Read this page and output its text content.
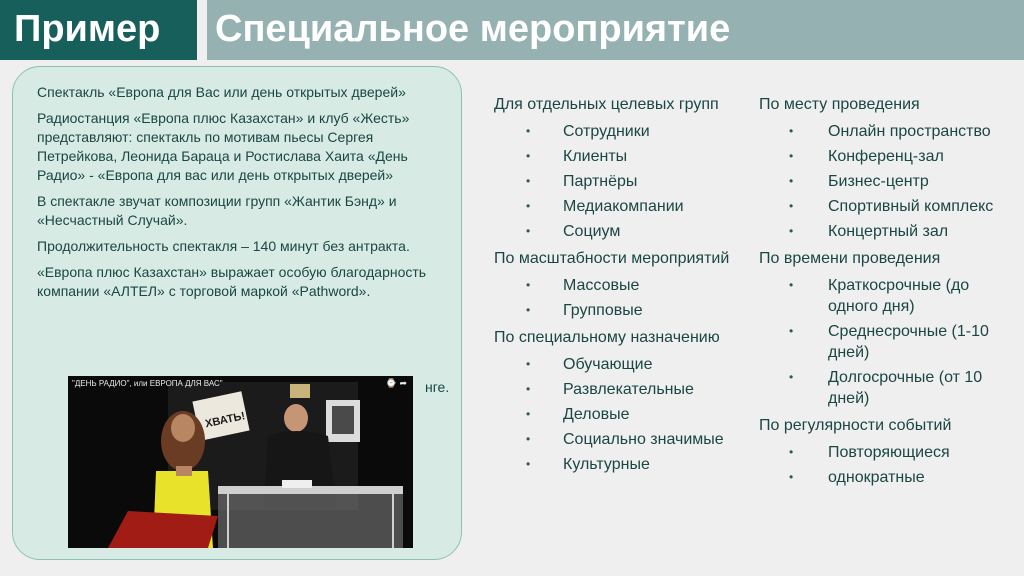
Пример	Специальное мероприятие

Спектакль «Европа для Вас или день открытых дверей»

Радиостанция «Европа плюс Казахстан» и клуб «Жесть» представляют: спектакль по мотивам пьесы Сергея Петрейкова, Леонида Бараца и Ростислава Хаита «День Радио» - «Европа для вас или день открытых дверей»

В спектакле звучат композиции групп «Жантик Бэнд» и «Несчастный Случай».

Продолжительность спектакля – 140 минут без антракта.

«Европа плюс Казахстан» выражает особую благодарность компании «АЛТЕЛ» с торговой маркой «Pathword».

нге.
"ДЕНЬ РАДИО", или ЕВРОПА ДЛЯ ВАС"	⌚ ➦
ХВАТЬ!
Для отдельных целевых групп
• Сотрудники
• Клиенты
• Партнёры
• Медиакомпании
• Социум
По масштабности мероприятий
• Массовые
• Групповые
По специальному назначению
• Обучающие
• Развлекательные
• Деловые
• Социально значимые
• Культурные
По месту проведения
• Онлайн пространство
• Конференц-зал
• Бизнес-центр
• Спортивный комплекс
• Концертный зал
По времени проведения
• Краткосрочные (до одного дня)
• Среднесрочные (1-10 дней)
• Долгосрочные (от 10 дней)
По регулярности событий
• Повторяющиеся
• однократные
